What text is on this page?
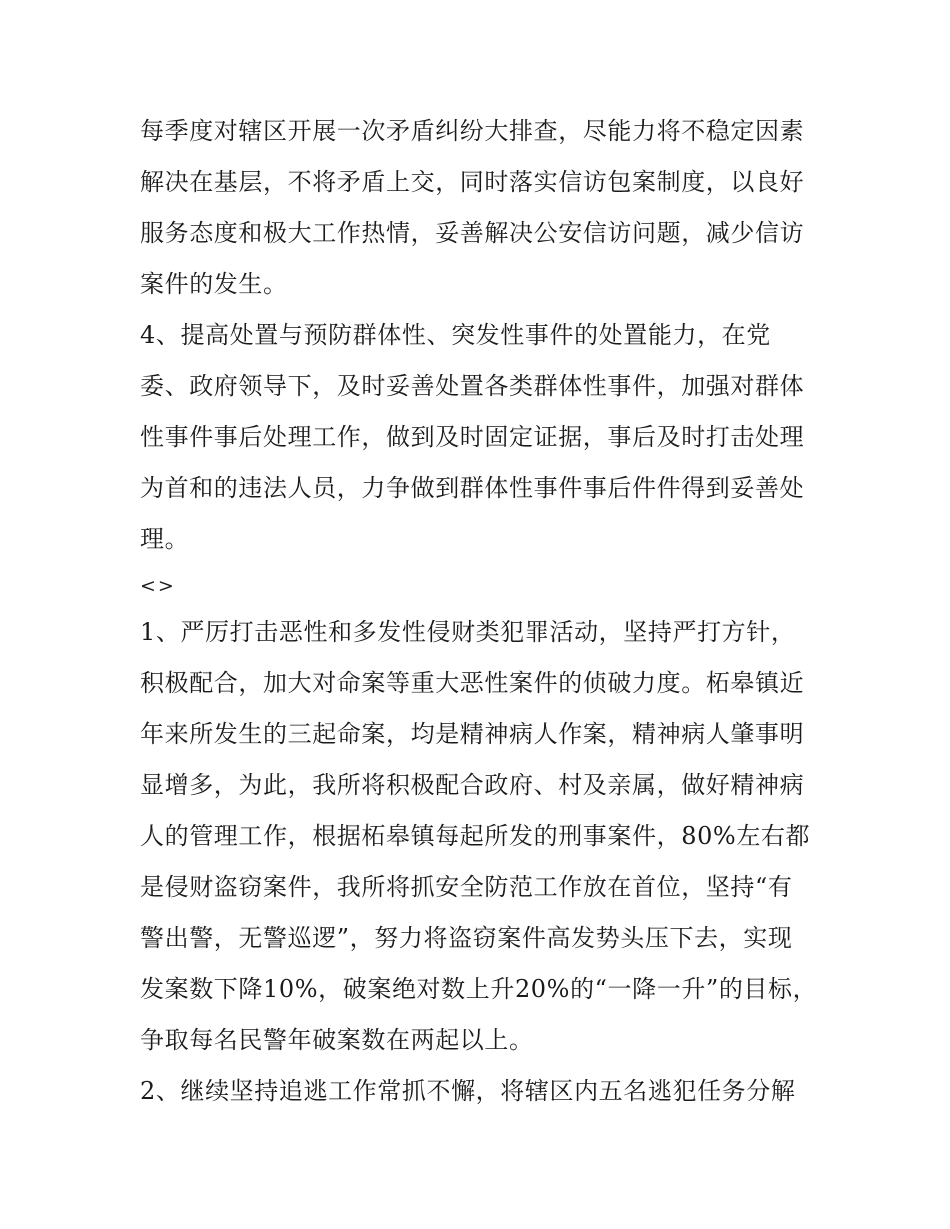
每季度对辖区开展一次矛盾纠纷大排查，尽能力将不稳定因素
解决在基层，不将矛盾上交，同时落实信访包案制度，以良好
服务态度和极大工作热情，妥善解决公安信访问题，减少信访
案件的发生。
4、提高处置与预防群体性、突发性事件的处置能力，在党
委、政府领导下，及时妥善处置各类群体性事件，加强对群体
性事件事后处理工作，做到及时固定证据，事后及时打击处理
为首和的违法人员，力争做到群体性事件事后件件得到妥善处
理。
<>
1、严厉打击恶性和多发性侵财类犯罪活动，坚持严打方针，
积极配合，加大对命案等重大恶性案件的侦破力度。柘皋镇近
年来所发生的三起命案，均是精神病人作案，精神病人肇事明
显增多，为此，我所将积极配合政府、村及亲属，做好精神病
人的管理工作，根据柘皋镇每起所发的刑事案件，80%左右都
是侵财盗窃案件，我所将抓安全防范工作放在首位，坚持“有
警出警，无警巡逻”，努力将盗窃案件高发势头压下去，实现
发案数下降10%，破案绝对数上升20%的“一降一升”的目标，
争取每名民警年破案数在两起以上。
2、继续坚持追逃工作常抓不懈，将辖区内五名逃犯任务分解
